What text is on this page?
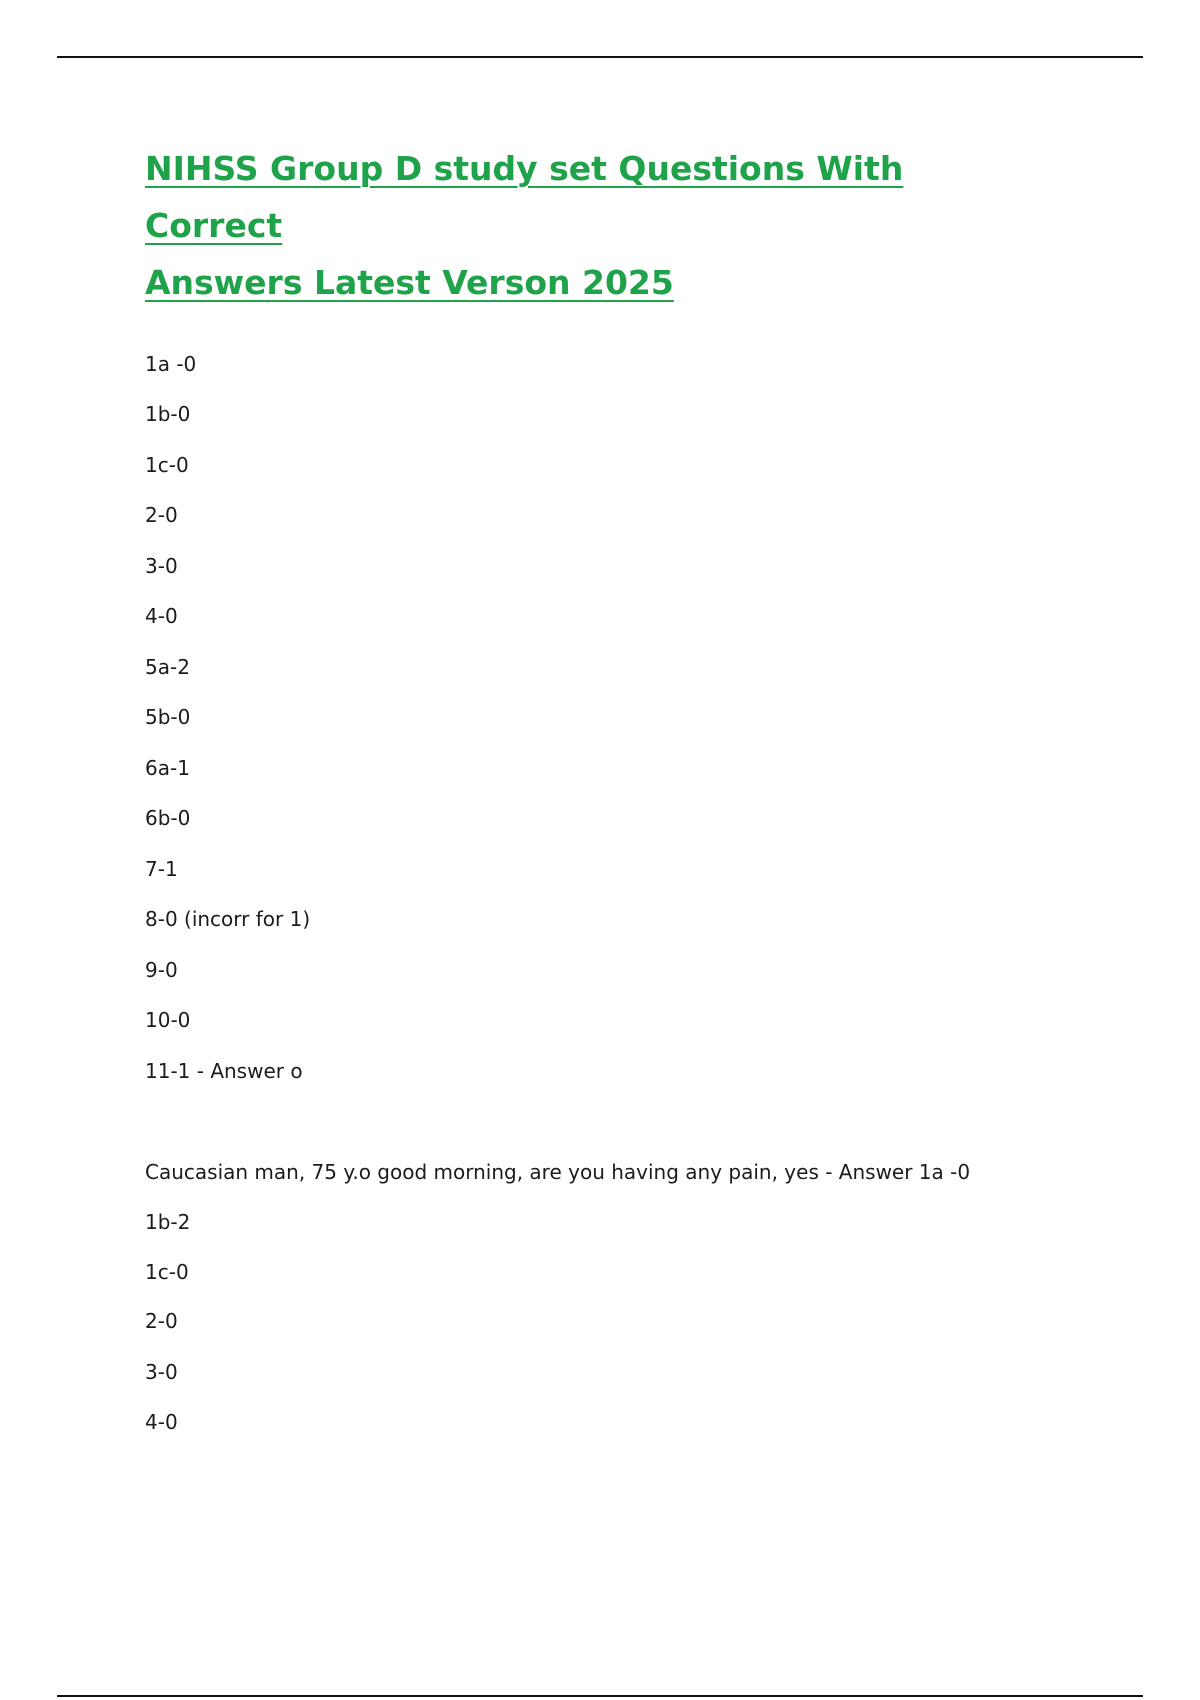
NIHSS Group D study set Questions With Correct
Answers Latest Verson 2025

1a -0

1b-0

1c-0

2-0

3-0

4-0

5a-2

5b-0

6a-1

6b-0

7-1

8-0 (incorr for 1)

9-0

10-0

11-1 - Answer o

Caucasian man, 75 y.o good morning, are you having any pain, yes - Answer 1a -0

1b-2

1c-0

2-0

3-0

4-0
